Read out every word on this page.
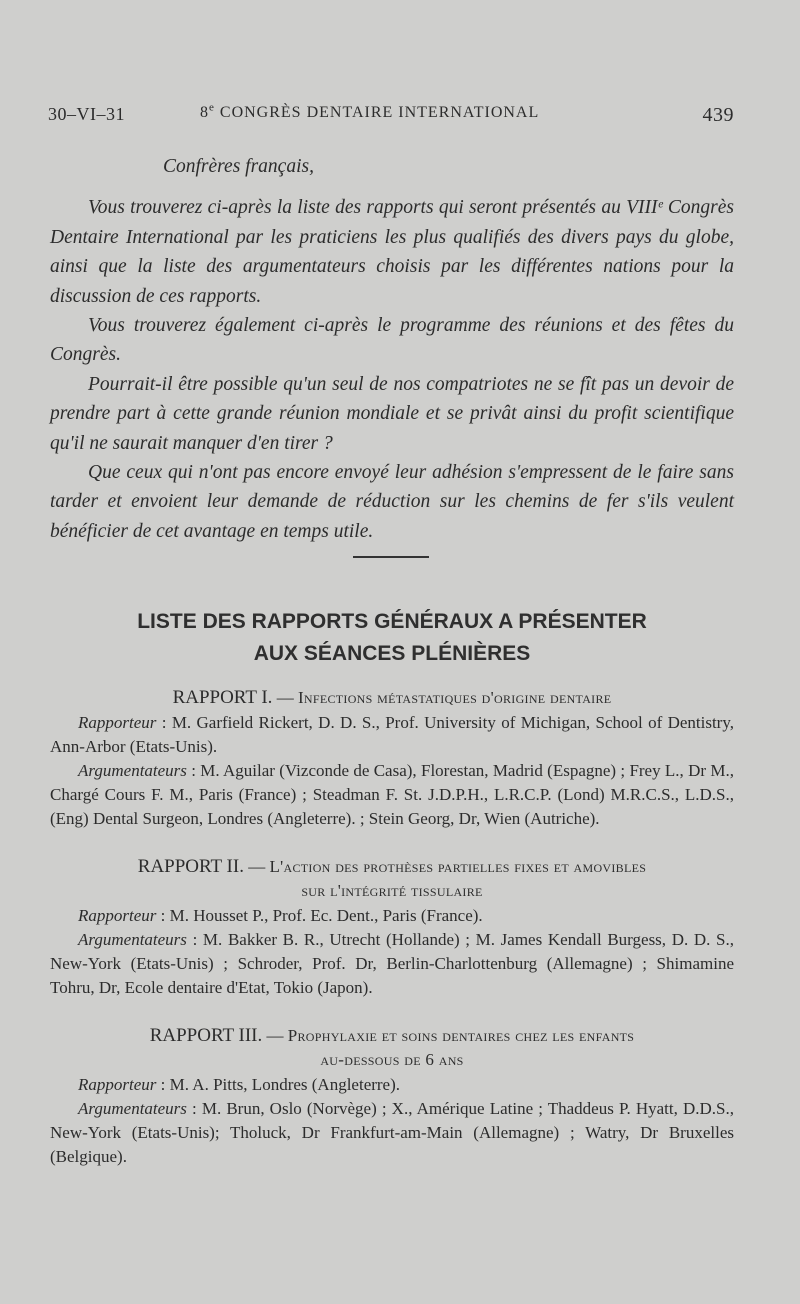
30–VI–31	8e CONGRÈS DENTAIRE INTERNATIONAL	439

Confrères français,

Vous trouverez ci-après la liste des rapports qui seront présentés au VIIIᵉ Congrès Dentaire International par les praticiens les plus qualifiés des divers pays du globe, ainsi que la liste des argumentateurs choisis par les différentes nations pour la discussion de ces rapports.

Vous trouverez également ci-après le programme des réunions et des fêtes du Congrès.

Pourrait-il être possible qu'un seul de nos compatriotes ne se fît pas un devoir de prendre part à cette grande réunion mondiale et se privât ainsi du profit scientifique qu'il ne saurait manquer d'en tirer ?

Que ceux qui n'ont pas encore envoyé leur adhésion s'empressent de le faire sans tarder et envoient leur demande de réduction sur les chemins de fer s'ils veulent bénéficier de cet avantage en temps utile.

LISTE DES RAPPORTS GÉNÉRAUX A PRÉSENTER
AUX SÉANCES PLÉNIÈRES
RAPPORT I. — Infections métastatiques d'origine dentaire

Rapporteur : M. Garfield Rickert, D. D. S., Prof. University of Michigan, School of Dentistry, Ann-Arbor (Etats-Unis).

Argumentateurs : M. Aguilar (Vizconde de Casa), Florestan, Madrid (Espagne) ; Frey L., Dr M., Chargé Cours F. M., Paris (France) ; Steadman F. St. J.D.P.H., L.R.C.P. (Lond) M.R.C.S., L.D.S., (Eng) Dental Surgeon, Londres (Angleterre). ; Stein Georg, Dr, Wien (Autriche).

RAPPORT II. — L'action des prothèses partielles fixes et amovibles
sur l'intégrité tissulaire

Rapporteur : M. Housset P., Prof. Ec. Dent., Paris (France).

Argumentateurs : M. Bakker B. R., Utrecht (Hollande) ; M. James Kendall Burgess, D. D. S., New-York (Etats-Unis) ; Schroder, Prof. Dr, Berlin-Charlottenburg (Allemagne) ; Shimamine Tohru, Dr, Ecole dentaire d'Etat, Tokio (Japon).

RAPPORT III. — Prophylaxie et soins dentaires chez les enfants
au-dessous de 6 ans

Rapporteur : M. A. Pitts, Londres (Angleterre).

Argumentateurs : M. Brun, Oslo (Norvège) ; X., Amérique Latine ; Thaddeus P. Hyatt, D.D.S., New-York (Etats-Unis); Tholuck, Dr Frankfurt-am-Main (Allemagne) ; Watry, Dr Bruxelles (Belgique).
